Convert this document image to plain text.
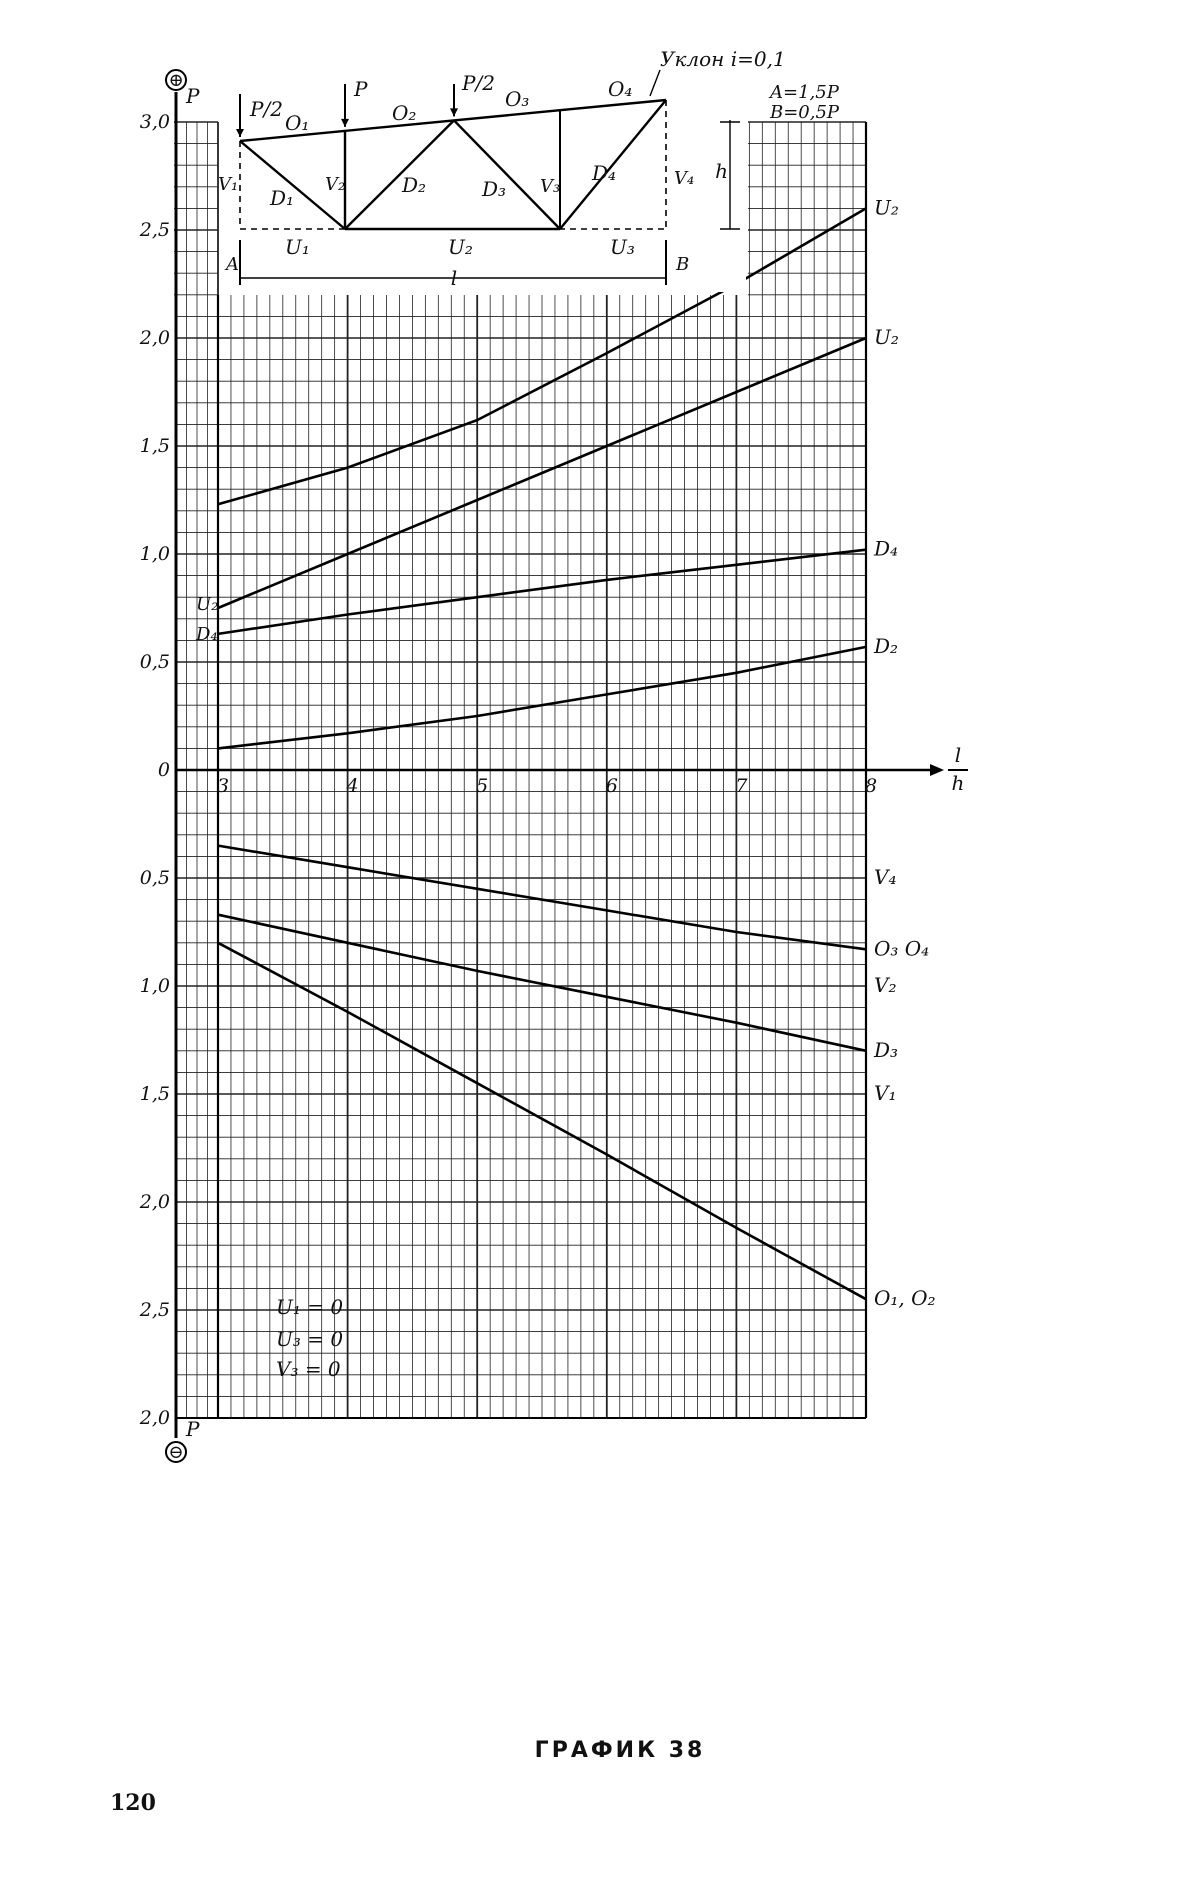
⊕
⊖
P
P
l
h
3	4	5	6	7	8
0
0,5
1,0
1,5
2,0
2,5
3,0
0,5
1,0
1,5
2,0
2,5
2,0
U₂
U₂
D₄
D₂
O₃ O₄
D₃
O₁, O₂
V₄
V₂
V₁
U₂
D₄
U₁ = 0
U₃ = 0
V₃ = 0
P/2
P	P/2
A	B
l
h
O₁	O₂
O₃	O₄
U₁	U₂	U₃
V₁	V₂	V₃	V₄
D₁
D₂	D₃
D₄
Уклон i=0,1
A=1,5P
B=0,5P
ГРАФИК 38
120
